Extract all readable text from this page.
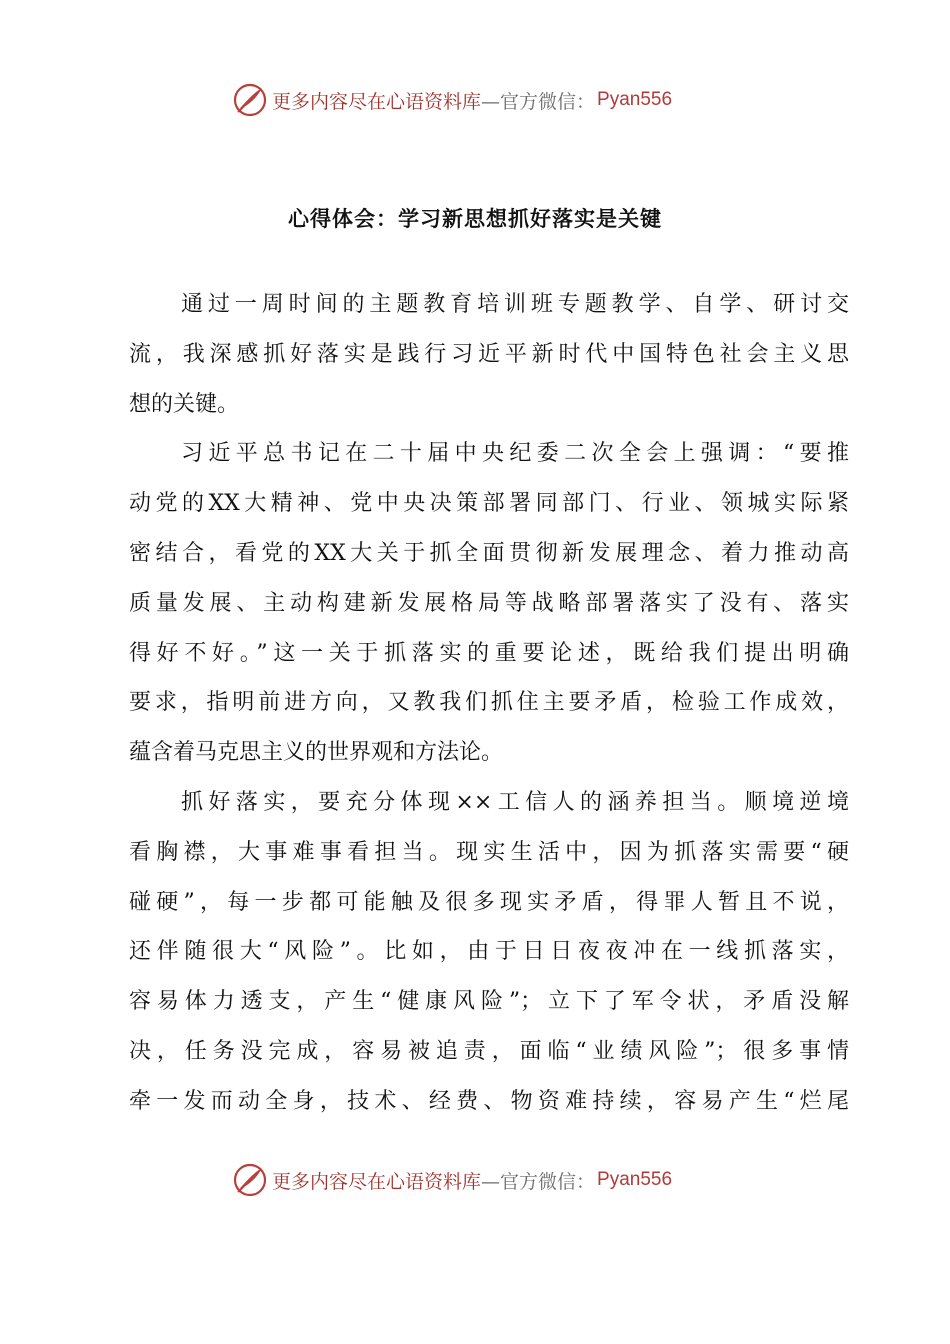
更多内容尽在心语资料库 —官方微信： Pyan556
心得体会：学习新思想抓好落实是关键
通过一周时间的主题教育培训班专题教学、自学、研讨交
流，我深感抓好落实是践行习近平新时代中国特色社会主义思
想的关键。
习近平总书记在二十届中央纪委二次全会上强调：“要推
动党的XX大精神、党中央决策部署同部门、行业、领城实际紧
密结合，看党的XX大关于抓全面贯彻新发展理念、着力推动高
质量发展、主动构建新发展格局等战略部署落实了没有、落实
得好不好。”这一关于抓落实的重要论述，既给我们提出明确
要求，指明前进方向，又教我们抓住主要矛盾，检验工作成效，
蕴含着马克思主义的世界观和方法论。
抓好落实，要充分体现××工信人的涵养担当。顺境逆境
看胸襟，大事难事看担当。现实生活中，因为抓落实需要“硬
碰硬”，每一步都可能触及很多现实矛盾，得罪人暂且不说，
还伴随很大“风险”。比如，由于日日夜夜冲在一线抓落实，
容易体力透支，产生“健康风险”；立下了军令状，矛盾没解
决，任务没完成，容易被追责，面临“业绩风险”；很多事情
牵一发而动全身，技术、经费、物资难持续，容易产生“烂尾
更多内容尽在心语资料库 —官方微信： Pyan556
